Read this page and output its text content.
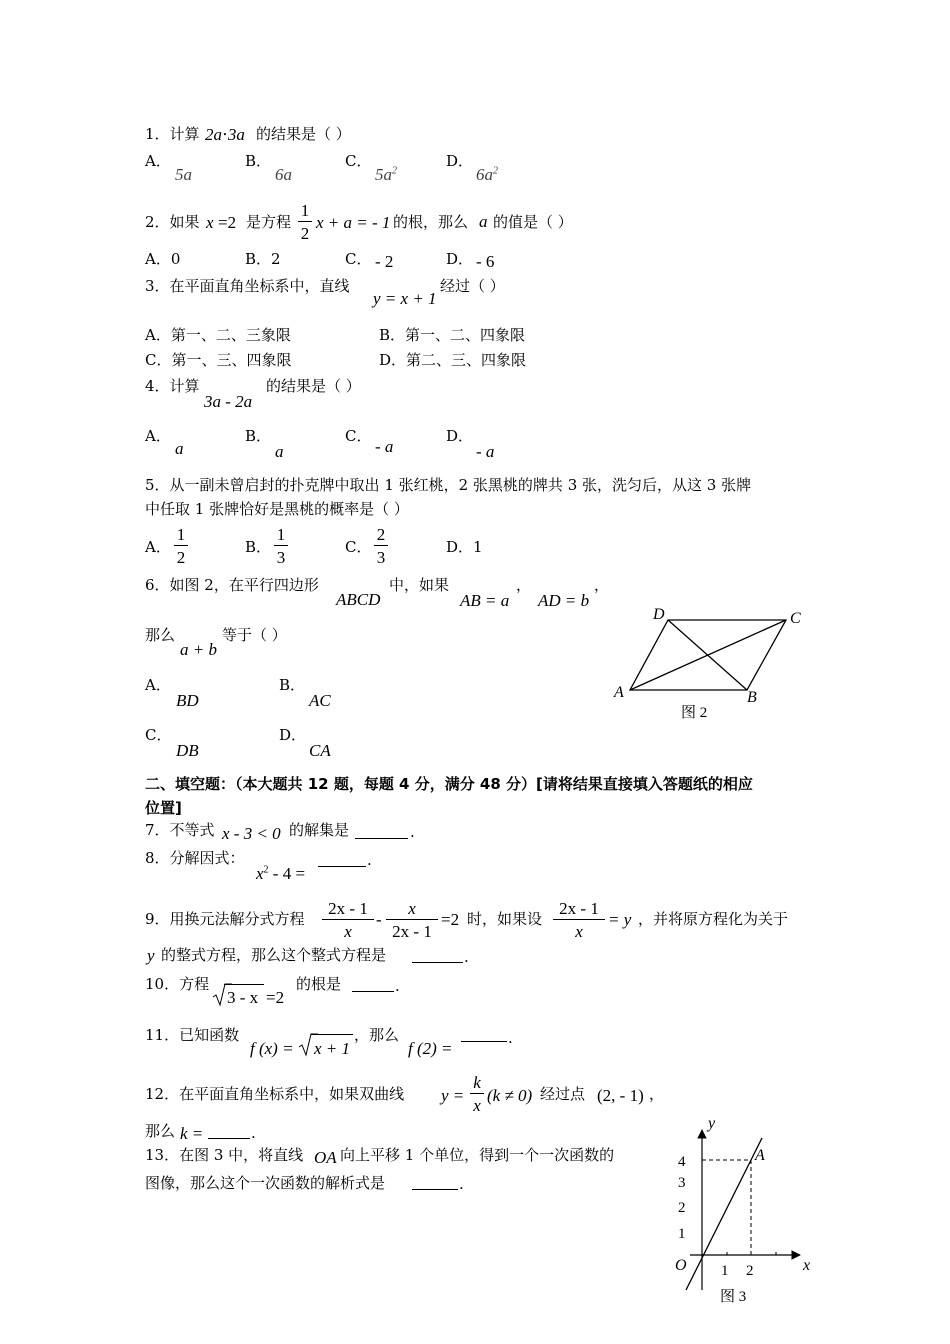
1．计算 2a⋅3a 的结果是（ ）
A．
5a
B．
6a
C．
$5a^2$
D．
$6a^2$
2．如果 x =2 是方程 $\frac{1}{2}$ x + a = - 1 的根，那么 a 的值是（ ）
A．0	B．2	C． - 2	D． - 6
3．在平面直角坐标系中，直线
y = x + 1
经过（ ）
A．第一、二、三象限	B．第一、二、四象限
C．第一、三、四象限	D．第二、三、四象限
4．计算
3a - 2a
的结果是（ ）
A．
a
B．
a
C．
- a
D．
- a
5．从一副未曾启封的扑克牌中取出 1 张红桃，2 张黑桃的牌共 3 张，洗匀后，从这 3 张牌
中任取 1 张牌恰好是黑桃的概率是（ ）
A． $\frac{1}{2}$	B． $\frac{1}{3}$	C． $\frac{2}{3}$	D．1
6．如图 2，在平行四边形
ABCD
中，如果
AB = a
，
AD = b
，
那么
a + b
等于（ ）
A．
BD
B．
AC
C．
DB
D．
CA
D	C
A	B
图 2
二、填空题：（本大题共 12 题，每题 4 分，满分 48 分）[请将结果直接填入答题纸的相应
位置]
7．不等式 x - 3 < 0 的解集是	.
8．分解因式：
$x^2 - 4$ =
.
9．用换元法解分式方程 $\frac{2x - 1}{x} - \frac{x}{2x - 1} =2$ 时，如果设 $\frac{2x - 1}{x} = y$ ，并将原方程化为关于
y 的整式方程，那么这个整式方程是	.
10．方程
3 - x =2
的根是	.
11．已知函数
f (x) = x + 1
，那么
f (2) =
.
12．在平面直角坐标系中，如果双曲线 $y = \frac{k}{x} (k \ne 0)$ 经过点 (2, - 1) ，
那么 k =	.
13．在图 3 中，将直线 OA 向上平移 1 个单位，得到一个一次函数的
图像，那么这个一次函数的解析式是	.
y
x
O
A
4
3
2
1
1 2
图 3
